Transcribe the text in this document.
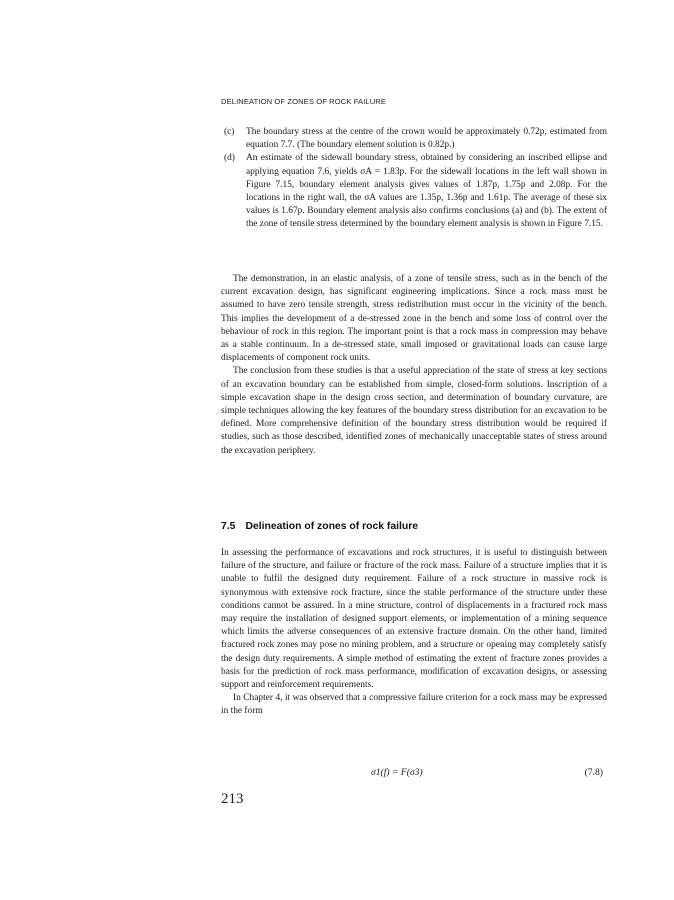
DELINEATION OF ZONES OF ROCK FAILURE
(c) The boundary stress at the centre of the crown would be approximately 0.72p, estimated from equation 7.7. (The boundary element solution is 0.82p.)
(d) An estimate of the sidewall boundary stress, obtained by considering an inscribed ellipse and applying equation 7.6, yields σA = 1.83p. For the sidewall locations in the left wall shown in Figure 7.15, boundary element analysis gives values of 1.87p, 1.75p and 2.08p. For the locations in the right wall, the σA values are 1.35p, 1.36p and 1.61p. The average of these six values is 1.67p. Boundary element analysis also confirms conclusions (a) and (b). The extent of the zone of tensile stress determined by the boundary element analysis is shown in Figure 7.15.

The demonstration, in an elastic analysis, of a zone of tensile stress, such as in the bench of the current excavation design, has significant engineering implications. Since a rock mass must be assumed to have zero tensile strength, stress redistribution must occur in the vicinity of the bench. This implies the development of a de-stressed zone in the bench and some loss of control over the behaviour of rock in this region. The important point is that a rock mass in compression may behave as a stable continuum. In a de-stressed state, small imposed or gravitational loads can cause large displacements of component rock units.

The conclusion from these studies is that a useful appreciation of the state of stress at key sections of an excavation boundary can be established from simple, closed-form solutions. Inscription of a simple excavation shape in the design cross section, and determination of boundary curvature, are simple techniques allowing the key features of the boundary stress distribution for an excavation to be defined. More comprehensive definition of the boundary stress distribution would be required if studies, such as those described, identified zones of mechanically unacceptable states of stress around the excavation periphery.

7.5 Delineation of zones of rock failure

In assessing the performance of excavations and rock structures, it is useful to distinguish between failure of the structure, and failure or fracture of the rock mass. Failure of a structure implies that it is unable to fulfil the designed duty requirement. Failure of a rock structure in massive rock is synonymous with extensive rock fracture, since the stable performance of the structure under these conditions cannot be assured. In a mine structure, control of displacements in a fractured rock mass may require the installation of designed support elements, or implementation of a mining sequence which limits the adverse consequences of an extensive fracture domain. On the other hand, limited fractured rock zones may pose no mining problem, and a structure or opening may completely satisfy the design duty requirements. A simple method of estimating the extent of fracture zones provides a basis for the prediction of rock mass performance, modification of excavation designs, or assessing support and reinforcement requirements.

In Chapter 4, it was observed that a compressive failure criterion for a rock mass may be expressed in the form

σ1(f) = F(σ3)	(7.8)
213
